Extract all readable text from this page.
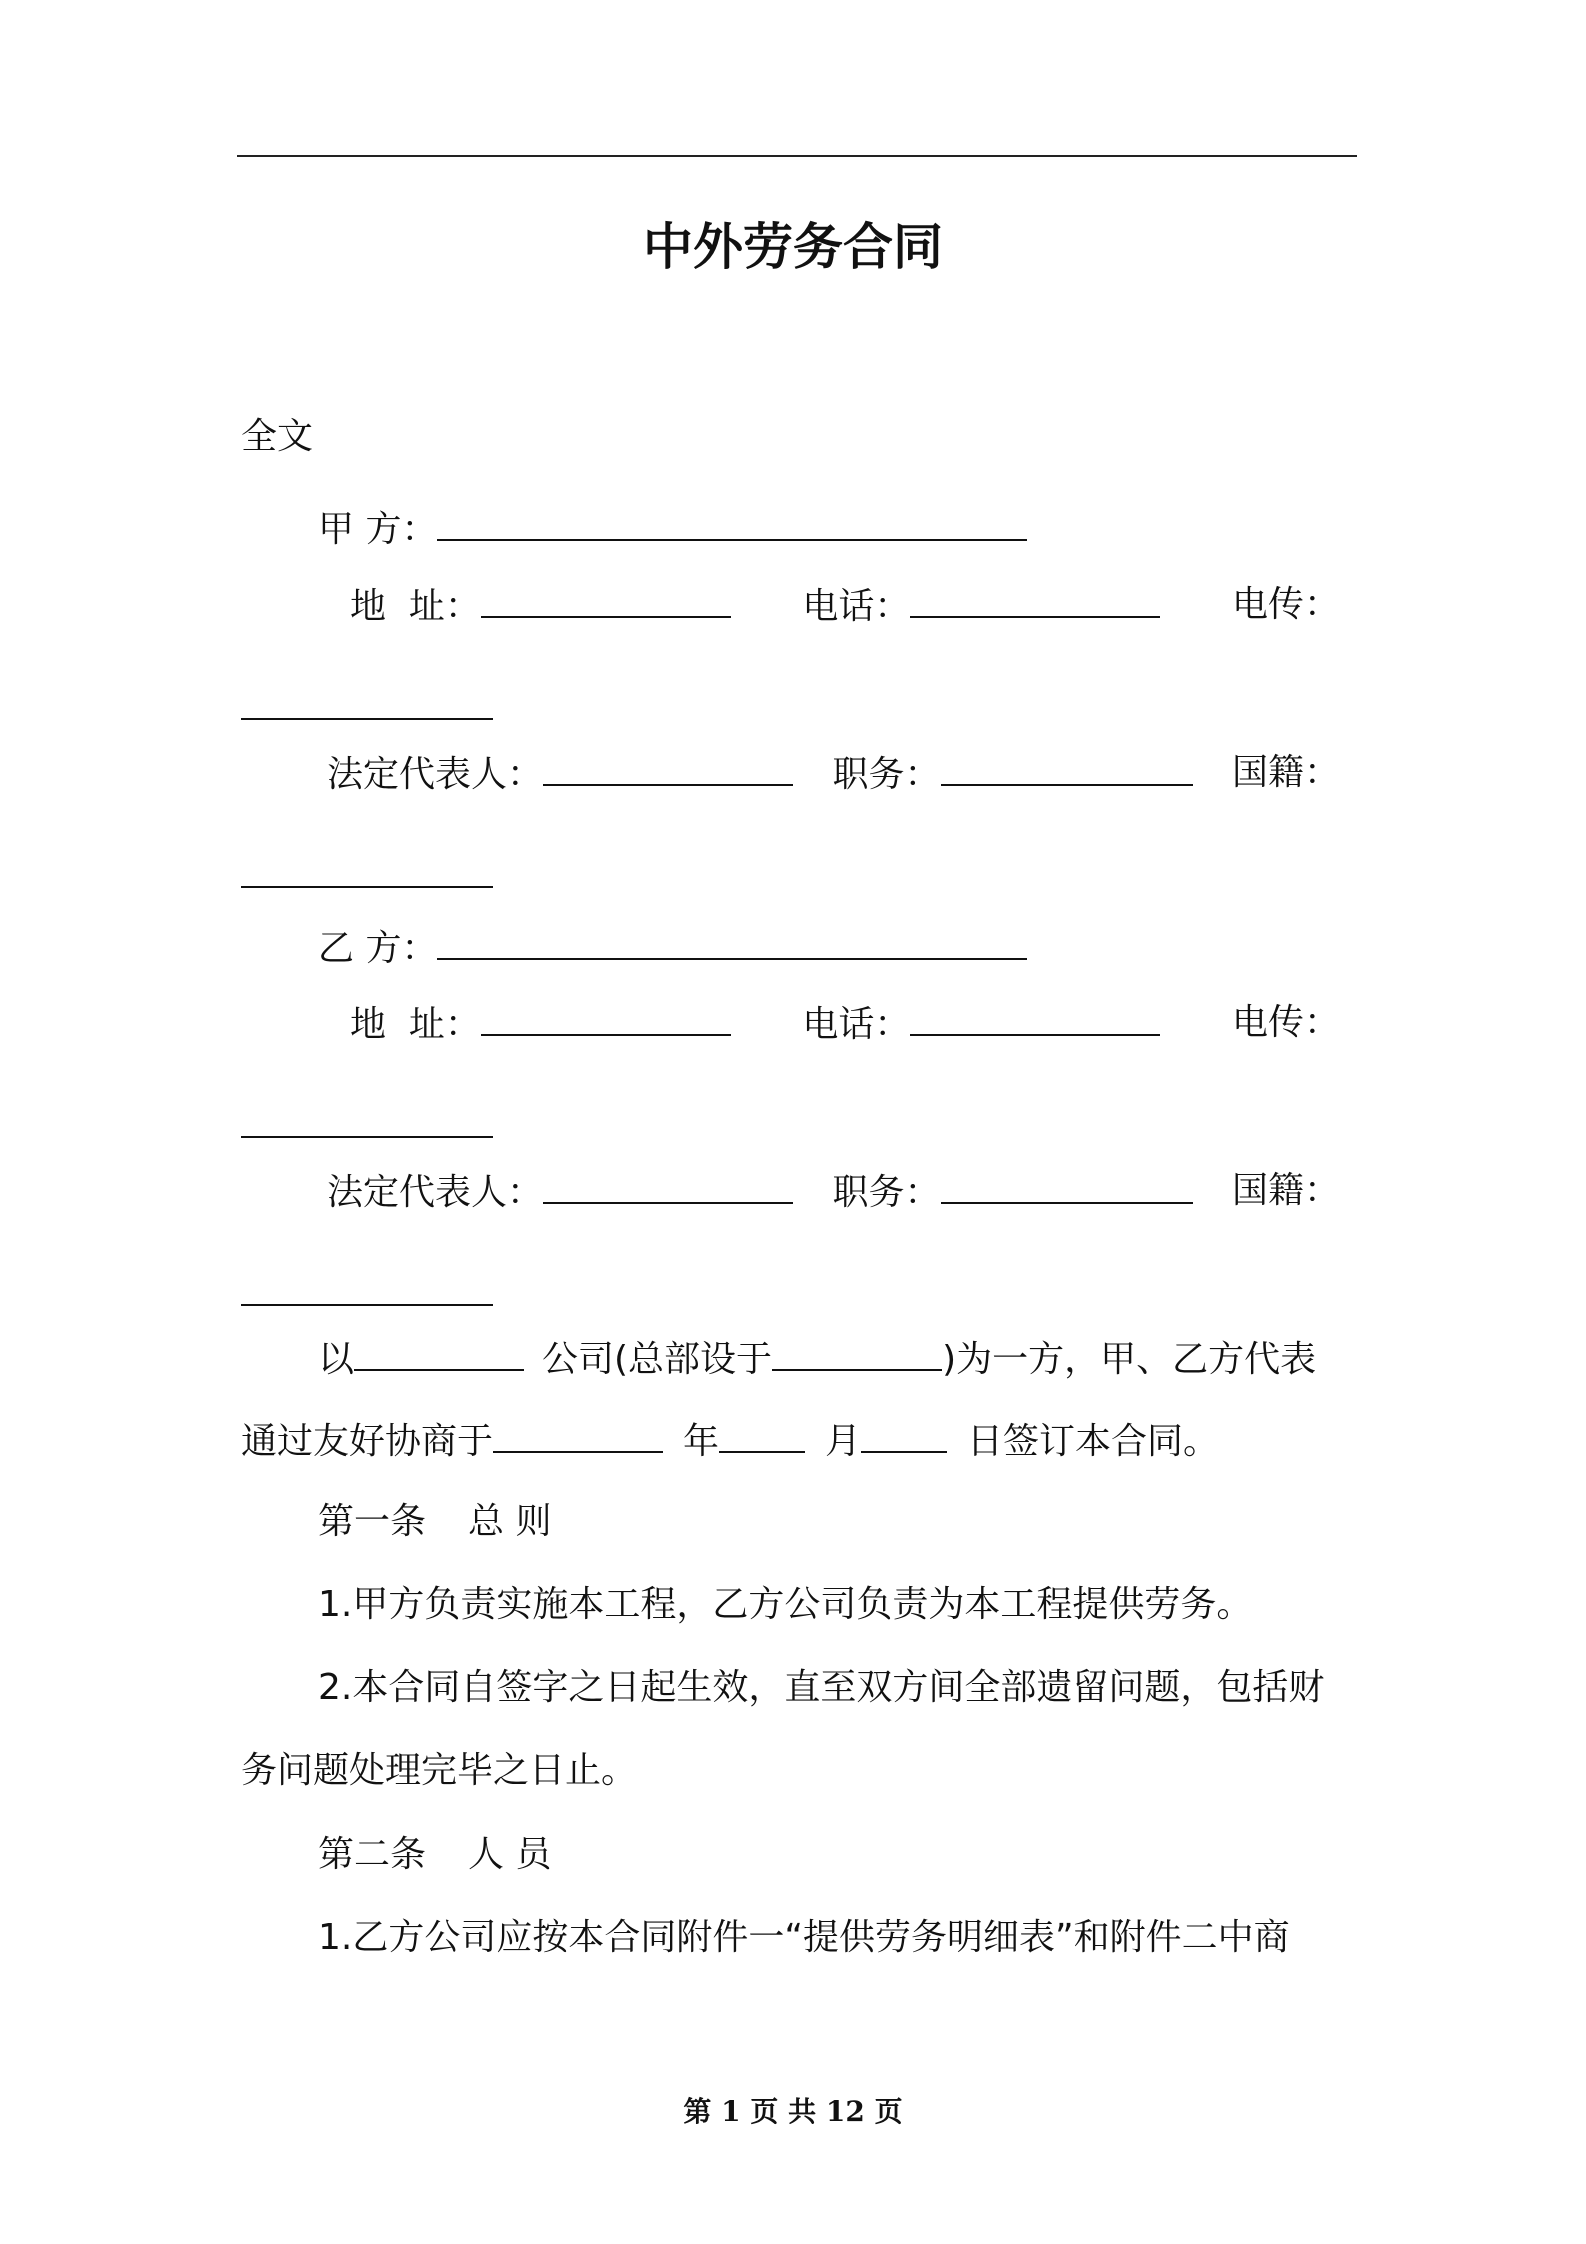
中外劳务合同
全文
甲 方：
地  址：	电话：	电传：
法定代表人：	职务：	国籍：
乙 方：
地  址：	电话：	电传：
法定代表人：	职务：	国籍：
以	公司(总部设于	)为一方，甲、乙方代表
通过友好协商于	年	月	日签订本合同。
第一条 总 则
1.甲方负责实施本工程，乙方公司负责为本工程提供劳务。
2.本合同自签字之日起生效，直至双方间全部遗留问题，包括财
务问题处理完毕之日止。
第二条 人 员
1.乙方公司应按本合同附件一“提供劳务明细表”和附件二中商
第 1 页 共 12 页
